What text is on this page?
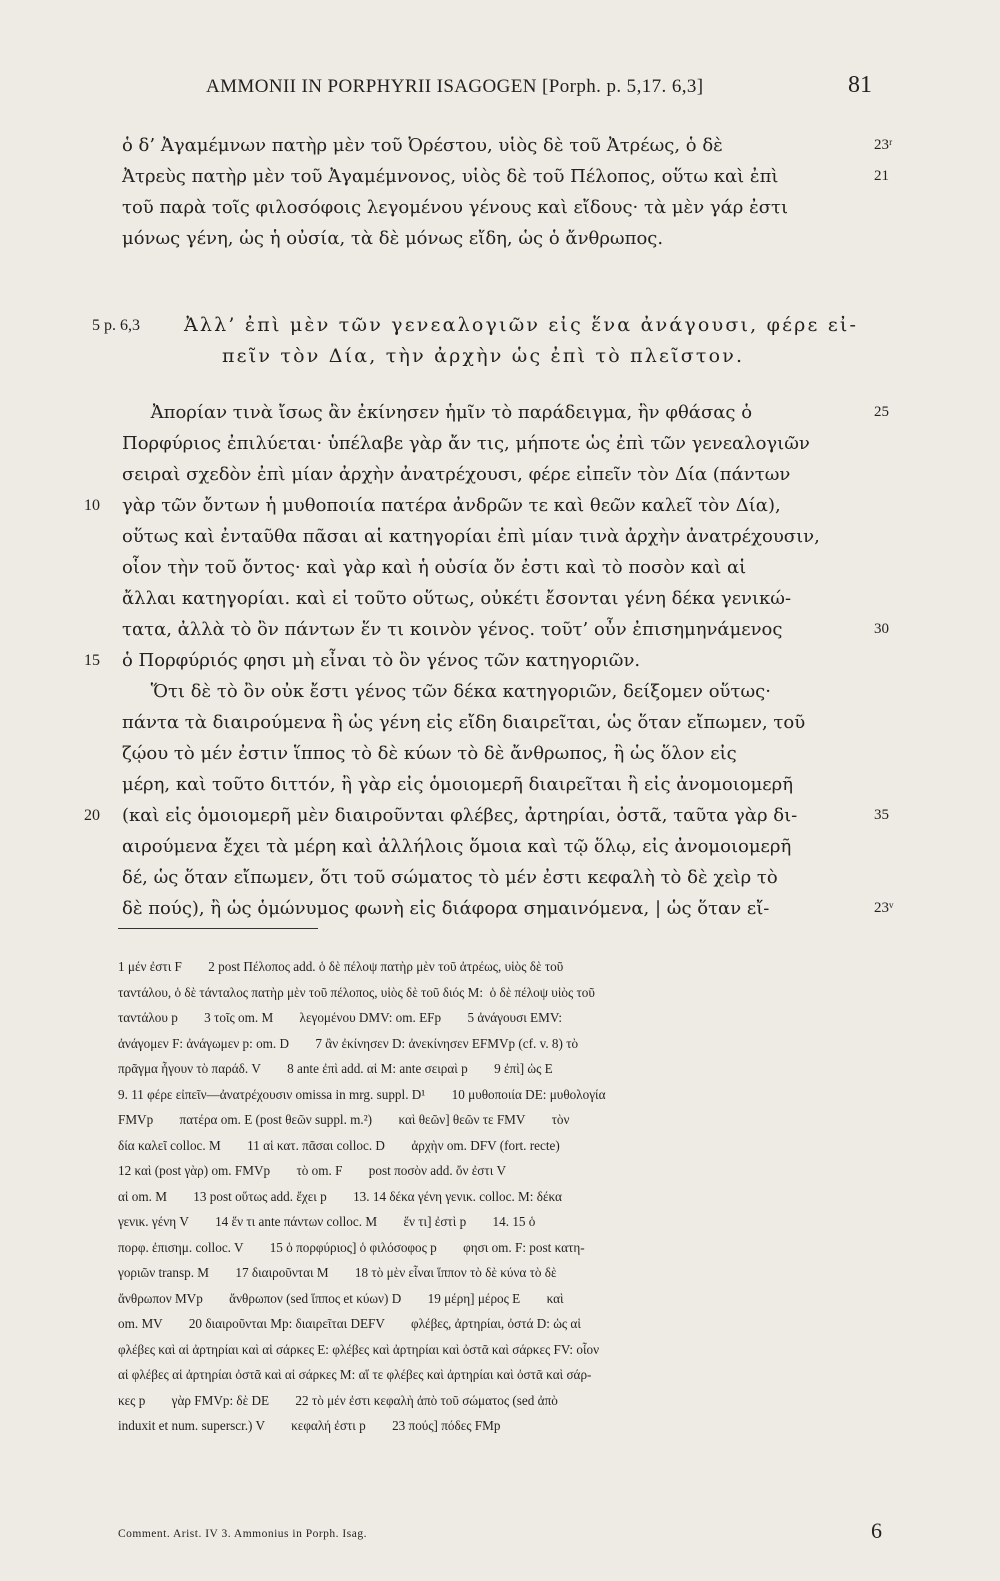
AMMONII IN PORPHYRII ISAGOGEN [Porph. p. 5,17. 6,3]	81
ὁ δ’ Ἀγαμέμνων πατὴρ μὲν τοῦ Ὀρέστου, υἱὸς δὲ τοῦ Ἀτρέως, ὁ δὲ	23ʳ
Ἀτρεὺς πατὴρ μὲν τοῦ Ἀγαμέμνονος, υἱὸς δὲ τοῦ Πέλοπος, οὕτω καὶ ἐπὶ	21
τοῦ παρὰ τοῖς φιλοσόφοις λεγομένου γένους καὶ εἴδους· τὰ μὲν γάρ ἐστι
μόνως γένη, ὡς ἡ οὐσία, τὰ δὲ μόνως εἴδη, ὡς ὁ ἄνθρωπος.
5 p. 6,3 Ἀλλ’ ἐπὶ μὲν τῶν γενεαλογιῶν εἰς ἕνα ἀνάγουσι, φέρε εἰ-
πεῖν τὸν Δία, τὴν ἀρχὴν ὡς ἐπὶ τὸ πλεῖστον.
Ἀπορίαν τινὰ ἴσως ἂν ἐκίνησεν ἡμῖν τὸ παράδειγμα, ἣν φθάσας ὁ	25
Πορφύριος ἐπιλύεται· ὑπέλαβε γὰρ ἄν τις, μήποτε ὡς ἐπὶ τῶν γενεαλογιῶν
σειραὶ σχεδὸν ἐπὶ μίαν ἀρχὴν ἀνατρέχουσι, φέρε εἰπεῖν τὸν Δία (πάντων
10 γὰρ τῶν ὄντων ἡ μυθοποιία πατέρα ἀνδρῶν τε καὶ θεῶν καλεῖ τὸν Δία),
οὕτως καὶ ἐνταῦθα πᾶσαι αἱ κατηγορίαι ἐπὶ μίαν τινὰ ἀρχὴν ἀνατρέχουσιν,
οἷον τὴν τοῦ ὄντος· καὶ γὰρ καὶ ἡ οὐσία ὄν ἐστι καὶ τὸ ποσὸν καὶ αἱ
ἄλλαι κατηγορίαι. καὶ εἰ τοῦτο οὕτως, οὐκέτι ἔσονται γένη δέκα γενικώ-
τατα, ἀλλὰ τὸ ὂν πάντων ἕν τι κοινὸν γένος. τοῦτ’ οὖν ἐπισημηνάμενος	30
15 ὁ Πορφύριός φησι μὴ εἶναι τὸ ὂν γένος τῶν κατηγοριῶν.
Ὅτι δὲ τὸ ὂν οὐκ ἔστι γένος τῶν δέκα κατηγοριῶν, δείξομεν οὕτως·
πάντα τὰ διαιρούμενα ἢ ὡς γένη εἰς εἴδη διαιρεῖται, ὡς ὅταν εἴπωμεν, τοῦ
ζῴου τὸ μέν ἐστιν ἵππος τὸ δὲ κύων τὸ δὲ ἄνθρωπος, ἢ ὡς ὅλον εἰς
μέρη, καὶ τοῦτο διττόν, ἢ γὰρ εἰς ὁμοιομερῆ διαιρεῖται ἢ εἰς ἀνομοιομερῆ
20 (καὶ εἰς ὁμοιομερῆ μὲν διαιροῦνται φλέβες, ἀρτηρίαι, ὀστᾶ, ταῦτα γὰρ δι-	35
αιρούμενα ἔχει τὰ μέρη καὶ ἀλλήλοις ὅμοια καὶ τῷ ὅλῳ, εἰς ἀνομοιομερῆ
δέ, ὡς ὅταν εἴπωμεν, ὅτι τοῦ σώματος τὸ μέν ἐστι κεφαλὴ τὸ δὲ χεὶρ τὸ
δὲ πούς), ἢ ὡς ὁμώνυμος φωνὴ εἰς διάφορα σημαινόμενα, | ὡς ὅταν εἴ-	23ᵛ
1 μέν ἐστι F        2 post Πέλοπος add. ὁ δὲ πέλοψ πατὴρ μὲν τοῦ ἀτρέως, υἱὸς δὲ τοῦ
ταντάλου, ὁ δὲ τάνταλος πατὴρ μὲν τοῦ πέλοπος, υἱὸς δὲ τοῦ διός M:  ὁ δὲ πέλοψ υἱὸς τοῦ
ταντάλου p        3 τοῖς om. M        λεγομένου DMV: om. EFp        5 ἀνάγουσι EMV:
ἀνάγομεν F: ἀνάγωμεν p: om. D        7 ἂν ἐκίνησεν D: ἀνεκίνησεν EFMVp (cf. v. 8) τὸ
πρᾶγμα ἦγουν τὸ παράδ. V        8 ante ἐπὶ add. αἱ M: ante σειραὶ p        9 ἐπὶ] ὡς E
9. 11 φέρε εἰπεῖν—ἀνατρέχουσιν omissa in mrg. suppl. D¹        10 μυθοποιία DE: μυθολογία
FMVp        πατέρα om. E (post θεῶν suppl. m.²)        καὶ θεῶν] θεῶν τε FMV        τὸν
δία καλεῖ colloc. M        11 αἱ κατ. πᾶσαι colloc. D        ἀρχὴν om. DFV (fort. recte)
12 καὶ (post γὰρ) om. FMVp        τὸ om. F        post ποσὸν add. ὄν ἐστι V
αἱ om. M        13 post οὕτως add. ἔχει p        13. 14 δέκα γένη γενικ. colloc. M: δέκα
γενικ. γένη V        14 ἕν τι ante πάντων colloc. M        ἕν τι] ἐστὶ p        14. 15 ὁ
πορφ. ἐπισημ. colloc. V        15 ὁ πορφύριος] ὁ φιλόσοφος p        φησι om. F: post κατη-
γοριῶν transp. M        17 διαιροῦνται M        18 τὸ μὲν εἶναι ἵππον τὸ δὲ κύνα τὸ δὲ
ἄνθρωπον MVp        ἄνθρωπον (sed ἵππος et κύων) D        19 μέρη] μέρος E        καὶ
om. MV        20 διαιροῦνται Mp: διαιρεῖται DEFV        φλέβες, ἀρτηρίαι, ὀστά D: ὡς αἱ
φλέβες καὶ αἱ ἀρτηρίαι καὶ αἱ σάρκες E: φλέβες καὶ ἀρτηρίαι καὶ ὀστᾶ καὶ σάρκες FV: οἷον
αἱ φλέβες αἱ ἀρτηρίαι ὀστᾶ καὶ αἱ σάρκες M: αἵ τε φλέβες καὶ ἀρτηρίαι καὶ ὀστᾶ καὶ σάρ-
κες p        γὰρ FMVp: δὲ DE        22 τὸ μέν ἐστι κεφαλὴ ἀπὸ τοῦ σώματος (sed ἀπὸ
induxit et num. superscr.) V        κεφαλή ἐστι p        23 πούς] πόδες FMp
Comment. Arist. IV 3. Ammonius in Porph. Isag.	6
